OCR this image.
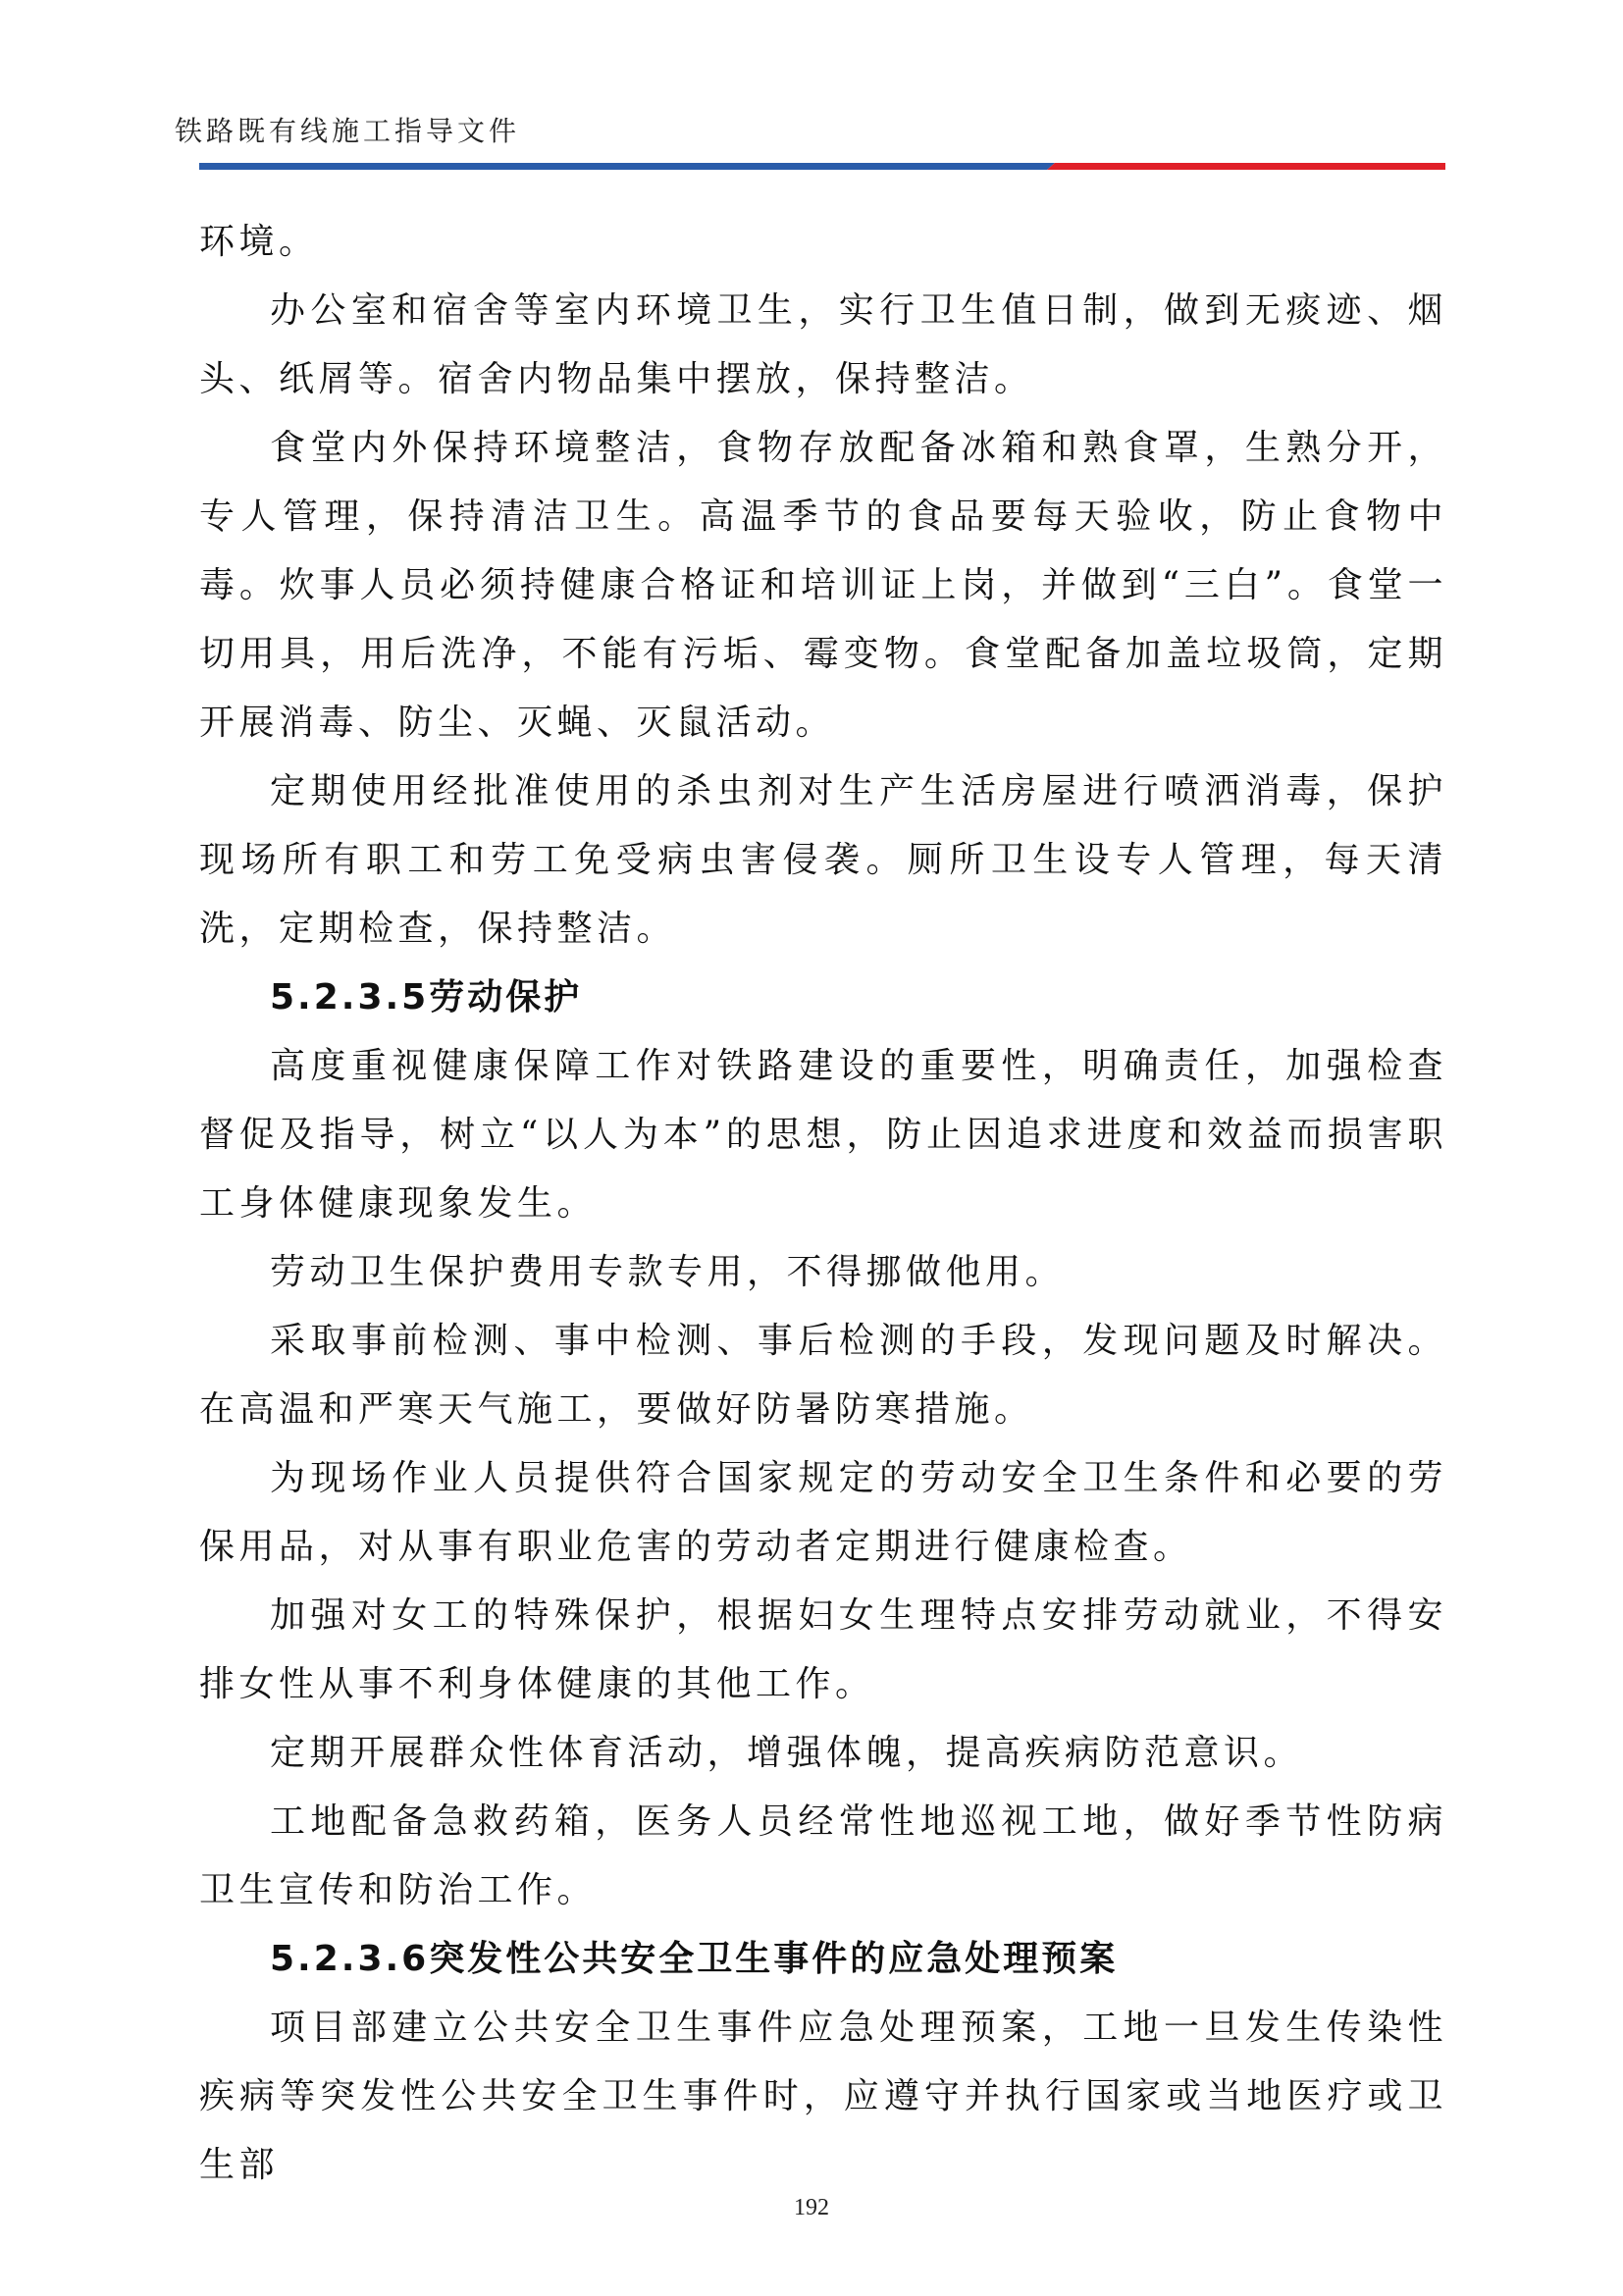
铁路既有线施工指导文件

环境。

办公室和宿舍等室内环境卫生，实行卫生值日制，做到无痰迹、烟头、纸屑等。宿舍内物品集中摆放，保持整洁。

食堂内外保持环境整洁，食物存放配备冰箱和熟食罩，生熟分开，专人管理，保持清洁卫生。高温季节的食品要每天验收，防止食物中毒。炊事人员必须持健康合格证和培训证上岗，并做到“三白”。食堂一切用具，用后洗净，不能有污垢、霉变物。食堂配备加盖垃圾筒，定期开展消毒、防尘、灭蝇、灭鼠活动。

定期使用经批准使用的杀虫剂对生产生活房屋进行喷洒消毒，保护现场所有职工和劳工免受病虫害侵袭。厕所卫生设专人管理，每天清洗，定期检查，保持整洁。

5.2.3.5劳动保护

高度重视健康保障工作对铁路建设的重要性，明确责任，加强检查督促及指导，树立“以人为本”的思想，防止因追求进度和效益而损害职工身体健康现象发生。

劳动卫生保护费用专款专用，不得挪做他用。

采取事前检测、事中检测、事后检测的手段，发现问题及时解决。在高温和严寒天气施工，要做好防暑防寒措施。

为现场作业人员提供符合国家规定的劳动安全卫生条件和必要的劳保用品，对从事有职业危害的劳动者定期进行健康检查。

加强对女工的特殊保护，根据妇女生理特点安排劳动就业，不得安排女性从事不利身体健康的其他工作。

定期开展群众性体育活动，增强体魄，提高疾病防范意识。

工地配备急救药箱，医务人员经常性地巡视工地，做好季节性防病卫生宣传和防治工作。

5.2.3.6突发性公共安全卫生事件的应急处理预案

项目部建立公共安全卫生事件应急处理预案，工地一旦发生传染性疾病等突发性公共安全卫生事件时，应遵守并执行国家或当地医疗或卫生部

192
